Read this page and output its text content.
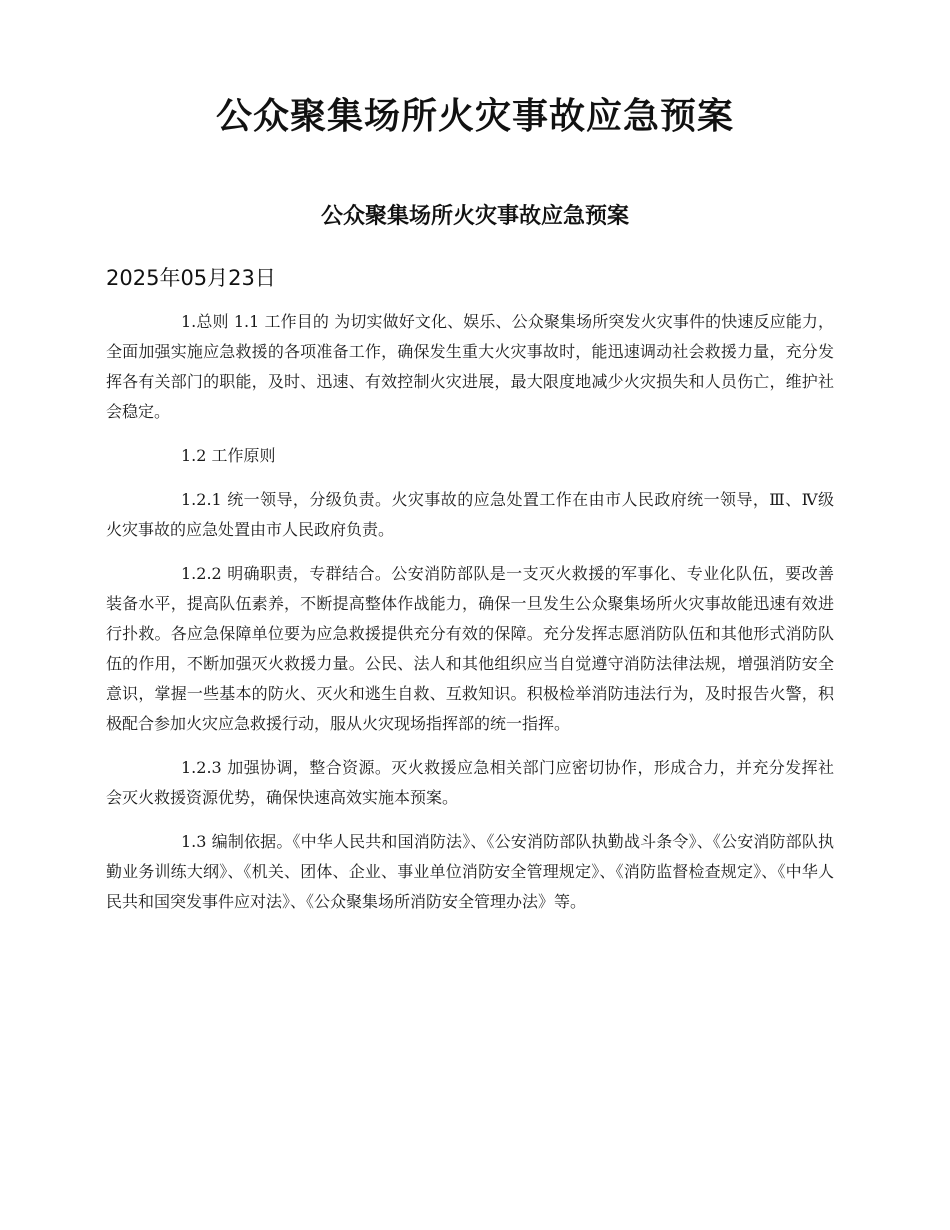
公众聚集场所火灾事故应急预案
公众聚集场所火灾事故应急预案
2025年05月23日

1.总则 1.1 工作目的 为切实做好文化、娱乐、公众聚集场所突发火灾事件的快速反应能力，全面加强实施应急救援的各项准备工作，确保发生重大火灾事故时，能迅速调动社会救援力量，充分发挥各有关部门的职能，及时、迅速、有效控制火灾进展，最大限度地减少火灾损失和人员伤亡，维护社会稳定。

1.2 工作原则

1.2.1 统一领导，分级负责。火灾事故的应急处置工作在由市人民政府统一领导，Ⅲ、Ⅳ级火灾事故的应急处置由市人民政府负责。

1.2.2 明确职责，专群结合。公安消防部队是一支灭火救援的军事化、专业化队伍，要改善装备水平，提高队伍素养，不断提高整体作战能力，确保一旦发生公众聚集场所火灾事故能迅速有效进行扑救。各应急保障单位要为应急救援提供充分有效的保障。充分发挥志愿消防队伍和其他形式消防队伍的作用，不断加强灭火救援力量。公民、法人和其他组织应当自觉遵守消防法律法规，增强消防安全意识，掌握一些基本的防火、灭火和逃生自救、互救知识。积极检举消防违法行为，及时报告火警，积极配合参加火灾应急救援行动，服从火灾现场指挥部的统一指挥。

1.2.3 加强协调，整合资源。灭火救援应急相关部门应密切协作，形成合力，并充分发挥社会灭火救援资源优势，确保快速高效实施本预案。

1.3 编制依据。《中华人民共和国消防法》、《公安消防部队执勤战斗条令》、《公安消防部队执勤业务训练大纲》、《机关、团体、企业、事业单位消防安全管理规定》、《消防监督检查规定》、《中华人民共和国突发事件应对法》、《公众聚集场所消防安全管理办法》等。
